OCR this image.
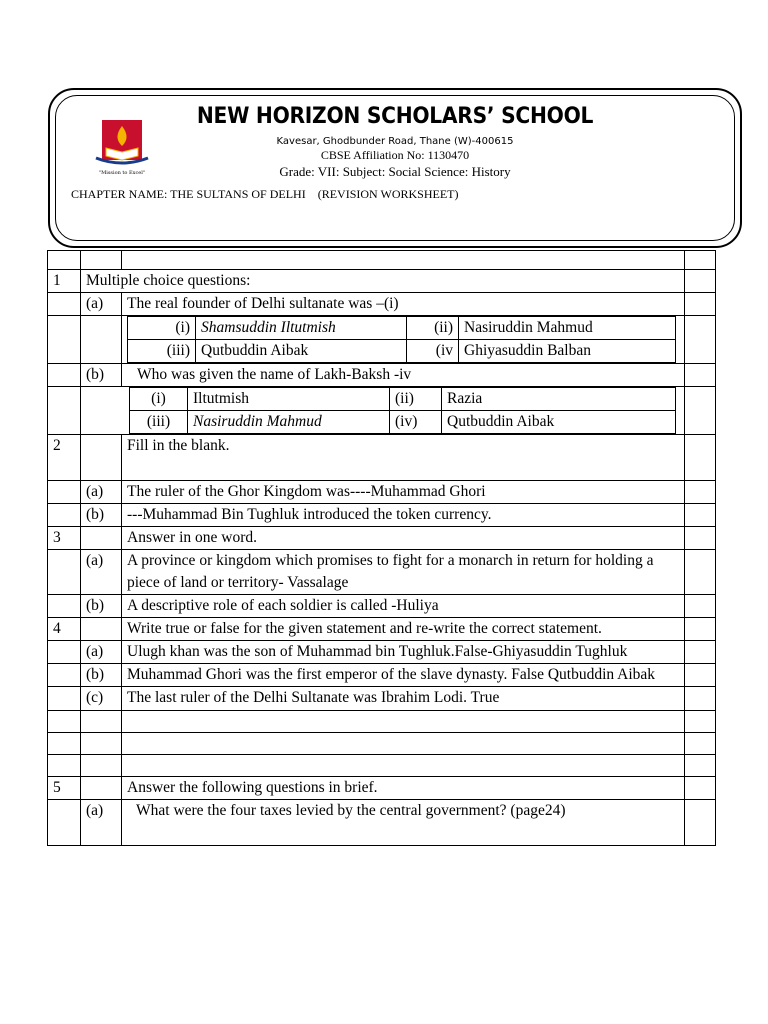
"Mission to Excel"
NEW HORIZON SCHOLARS’ SCHOOL
Kavesar, Ghodbunder Road, Thane (W)-400615
CBSE Affiliation No: 1130470
Grade: VII: Subject: Social Science: History
CHAPTER NAME: THE SULTANS OF DELHI    (REVISION WORKSHEET)

1	Multiple choice questions:	
	(a)	The real founder of Delhi sultanate was –(i)	

(i)	Shamsuddin Iltutmish	(ii)	Nasiruddin Mahmud
(iii)	Qutbuddin Aibak	(iv	Ghiyasuddin Balban

	(b)	Who was given the name of Lakh-Baksh -iv	

(i)	Iltutmish	(ii)	Razia
(iii)	Nasiruddin Mahmud	(iv)	Qutbuddin Aibak

2		Fill in the blank.	
	(a)	The ruler of the Ghor Kingdom was----Muhammad Ghori	
	(b)	---Muhammad Bin Tughluk introduced the token currency.	
3		Answer in one word.	
	(a)	A province or kingdom which promises to fight for a monarch in return for holding a piece of land or territory- Vassalage	
	(b)	A descriptive role of each soldier is called -Huliya	
4		Write true or false for the given statement and re-write the correct statement.	
	(a)	Ulugh khan was the son of Muhammad bin Tughluk.False-Ghiyasuddin Tughluk	
	(b)	Muhammad Ghori was the first emperor of the slave dynasty. False Qutbuddin Aibak	
	(c)	The last ruler of the Delhi Sultanate was Ibrahim Lodi. True	

5		Answer the following questions in brief.	
	(a)	What were the four taxes levied by the central government? (page24)	
